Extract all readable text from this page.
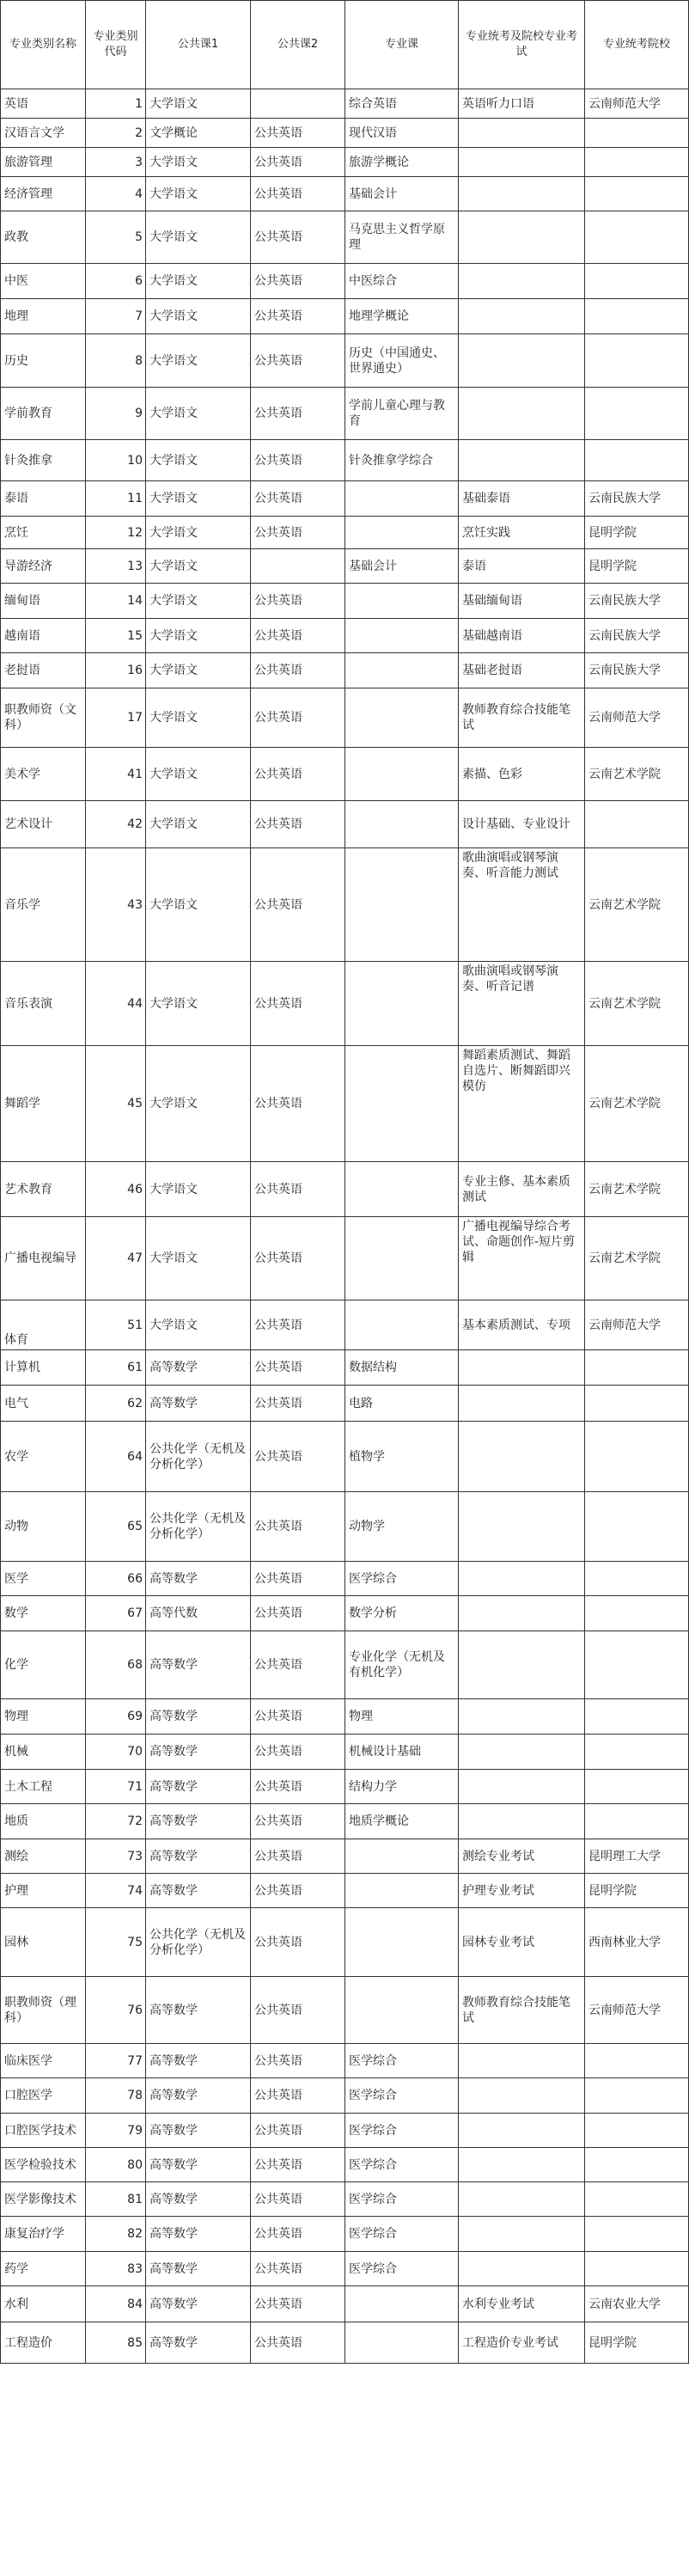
专业类别名称	专业类别代码	公共课1	公共课2	专业课	专业统考及院校专业考试	专业统考院校
英语	1	大学语文		综合英语	英语听力口语	云南师范大学
汉语言文学	2	文学概论	公共英语	现代汉语		
旅游管理	3	大学语文	公共英语	旅游学概论		
经济管理	4	大学语文	公共英语	基础会计		
政教	5	大学语文	公共英语	马克思主义哲学原理		
中医	6	大学语文	公共英语	中医综合		
地理	7	大学语文	公共英语	地理学概论		
历史	8	大学语文	公共英语	历史（中国通史、世界通史）		
学前教育	9	大学语文	公共英语	学前儿童心理与教育		
针灸推拿	10	大学语文	公共英语	针灸推拿学综合		
泰语	11	大学语文	公共英语		基础泰语	云南民族大学
烹饪	12	大学语文	公共英语		烹饪实践	昆明学院
导游经济	13	大学语文		基础会计	泰语	昆明学院
缅甸语	14	大学语文	公共英语		基础缅甸语	云南民族大学
越南语	15	大学语文	公共英语		基础越南语	云南民族大学
老挝语	16	大学语文	公共英语		基础老挝语	云南民族大学
职教师资（文科）	17	大学语文	公共英语		教师教育综合技能笔试	云南师范大学
美术学	41	大学语文	公共英语		素描、色彩	云南艺术学院
艺术设计	42	大学语文	公共英语		设计基础、专业设计	
音乐学	43	大学语文	公共英语		歌曲演唱或钢琴演奏、听音能力测试	云南艺术学院
音乐表演	44	大学语文	公共英语		歌曲演唱或钢琴演奏、听音记谱	云南艺术学院
舞蹈学	45	大学语文	公共英语		舞蹈素质测试、舞蹈自选片、断舞蹈即兴模仿	云南艺术学院
艺术教育	46	大学语文	公共英语		专业主修、基本素质测试	云南艺术学院
广播电视编导	47	大学语文	公共英语		广播电视编导综合考试、命题创作-短片剪辑	云南艺术学院
体育	51	大学语文	公共英语		基本素质测试、专项	云南师范大学
计算机	61	高等数学	公共英语	数据结构		
电气	62	高等数学	公共英语	电路		
农学	64	公共化学（无机及分析化学）	公共英语	植物学		
动物	65	公共化学（无机及分析化学）	公共英语	动物学		
医学	66	高等数学	公共英语	医学综合		
数学	67	高等代数	公共英语	数学分析		
化学	68	高等数学	公共英语	专业化学（无机及有机化学）		
物理	69	高等数学	公共英语	物理		
机械	70	高等数学	公共英语	机械设计基础		
土木工程	71	高等数学	公共英语	结构力学		
地质	72	高等数学	公共英语	地质学概论		
测绘	73	高等数学	公共英语		测绘专业考试	昆明理工大学
护理	74	高等数学	公共英语		护理专业考试	昆明学院
园林	75	公共化学（无机及分析化学）	公共英语		园林专业考试	西南林业大学
职教师资（理科）	76	高等数学	公共英语		教师教育综合技能笔试	云南师范大学
临床医学	77	高等数学	公共英语	医学综合		
口腔医学	78	高等数学	公共英语	医学综合		
口腔医学技术	79	高等数学	公共英语	医学综合		
医学检验技术	80	高等数学	公共英语	医学综合		
医学影像技术	81	高等数学	公共英语	医学综合		
康复治疗学	82	高等数学	公共英语	医学综合		
药学	83	高等数学	公共英语	医学综合		
水利	84	高等数学	公共英语		水利专业考试	云南农业大学
工程造价	85	高等数学	公共英语		工程造价专业考试	昆明学院
